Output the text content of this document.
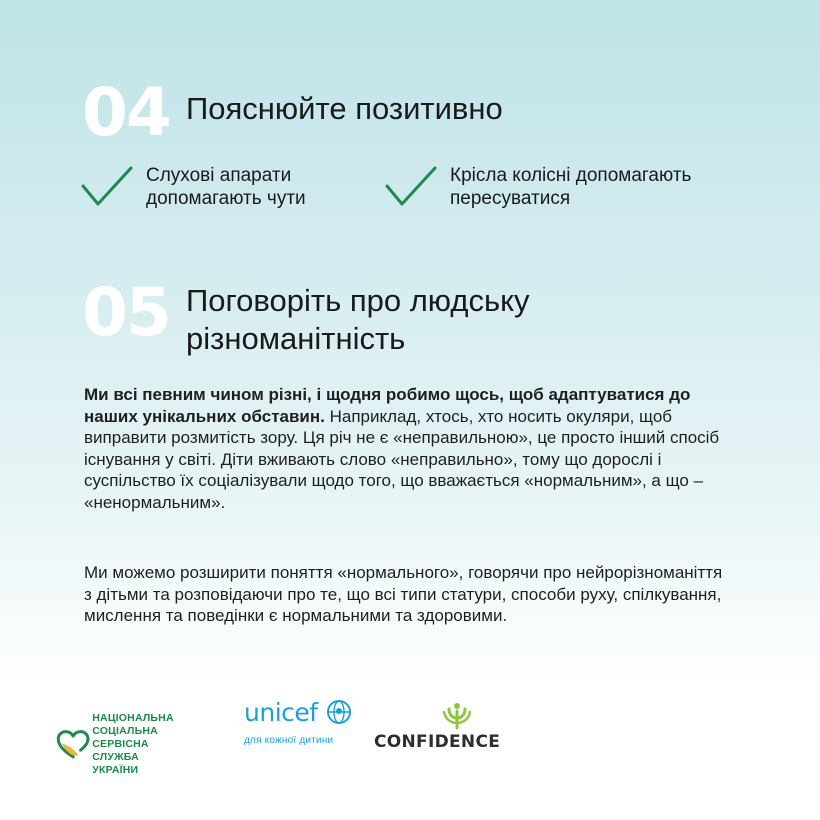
04 Пояснюйте позитивно
Слухові апарати допомагають чути
Крісла колісні допомагають пересуватися
05 Поговоріть про людську різноманітність
Ми всі певним чином різні, і щодня робимо щось, щоб адаптуватися до наших унікальних обставин. Наприклад, хтось, хто носить окуляри, щоб виправити розмитість зору. Ця річ не є «неправильною», це просто інший спосіб існування у світі. Діти вживають слово «неправильно», тому що дорослі і суспільство їх соціалізували щодо того, що вважається «нормальним», а що – «ненормальним».
Ми можемо розширити поняття «нормального», говорячи про нейрорізноманіття з дітьми та розповідаючи про те, що всі типи статури, способи руху, спілкування, мислення та поведінки є нормальними та здоровими.
НАЦІОНАЛЬНА
СОЦІАЛЬНА СЕРВІСНА
СЛУЖБА УКРАЇНИ
unicef
для кожної дитини	CONFIDENCE
